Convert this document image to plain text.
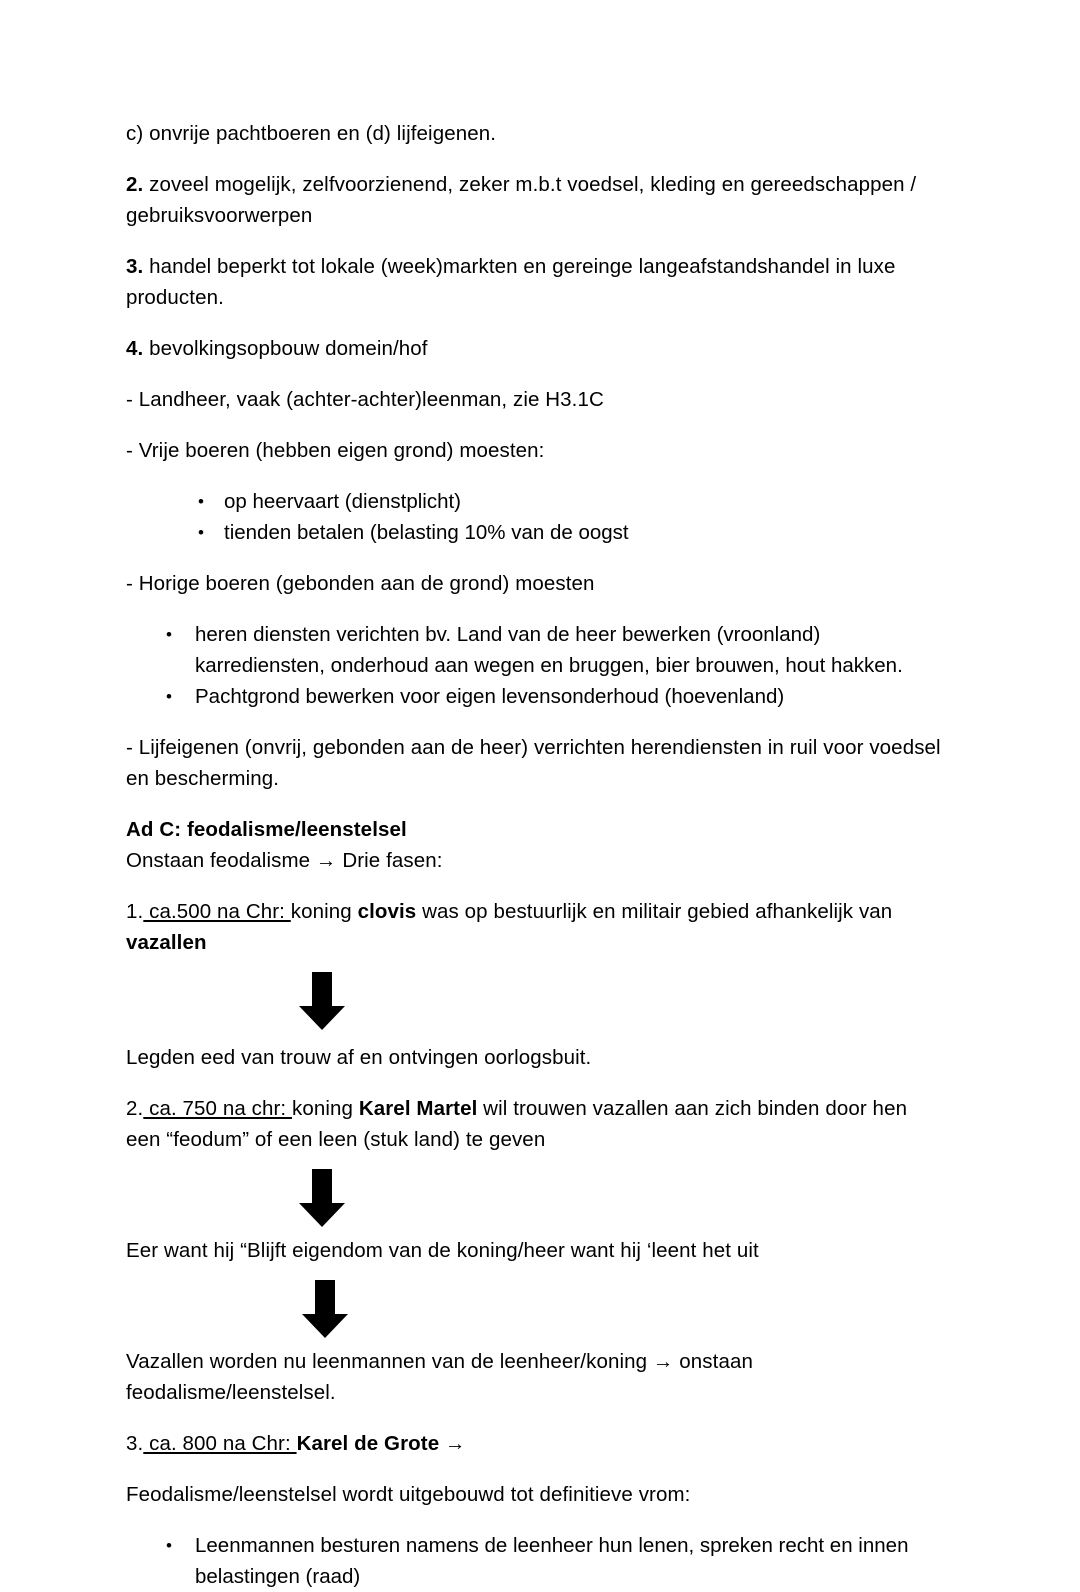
c) onvrije pachtboeren en (d) lijfeigenen.

2. zoveel mogelijk, zelfvoorzienend, zeker m.b.t voedsel, kleding en gereedschappen / gebruiksvoorwerpen

3. handel beperkt tot lokale (week)markten en gereinge langeafstandshandel in luxe producten.

4. bevolkingsopbouw domein/hof

- Landheer, vaak (achter-achter)leenman, zie H3.1C

- Vrije boeren (hebben eigen grond) moesten:

• op heervaart (dienstplicht)
• tienden betalen (belasting 10% van de oogst

- Horige boeren (gebonden aan de grond) moesten

• heren diensten verichten bv. Land van de heer bewerken (vroonland) karrediensten, onderhoud aan wegen en bruggen, bier brouwen, hout hakken.
• Pachtgrond bewerken voor eigen levensonderhoud (hoevenland)

- Lijfeigenen (onvrij, gebonden aan de heer) verrichten herendiensten in ruil voor voedsel en bescherming.

Ad C: feodalisme/leenstelsel

Onstaan feodalisme → Drie fasen:

1. ca.500 na Chr: koning clovis was op bestuurlijk en militair gebied afhankelijk van vazallen

Legden eed van trouw af en ontvingen oorlogsbuit.

2. ca. 750 na chr: koning Karel Martel wil trouwen vazallen aan zich binden door hen een “feodum” of een leen (stuk land) te geven

Eer want hij “Blijft eigendom van de koning/heer want hij ‘leent het uit

Vazallen worden nu leenmannen van de leenheer/koning → onstaan feodalisme/leenstelsel.

3. ca. 800 na Chr: Karel de Grote →

Feodalisme/leenstelsel wordt uitgebouwd tot definitieve vrom:

• Leenmannen besturen namens de leenheer hun lenen, spreken recht en innen belastingen (raad)
